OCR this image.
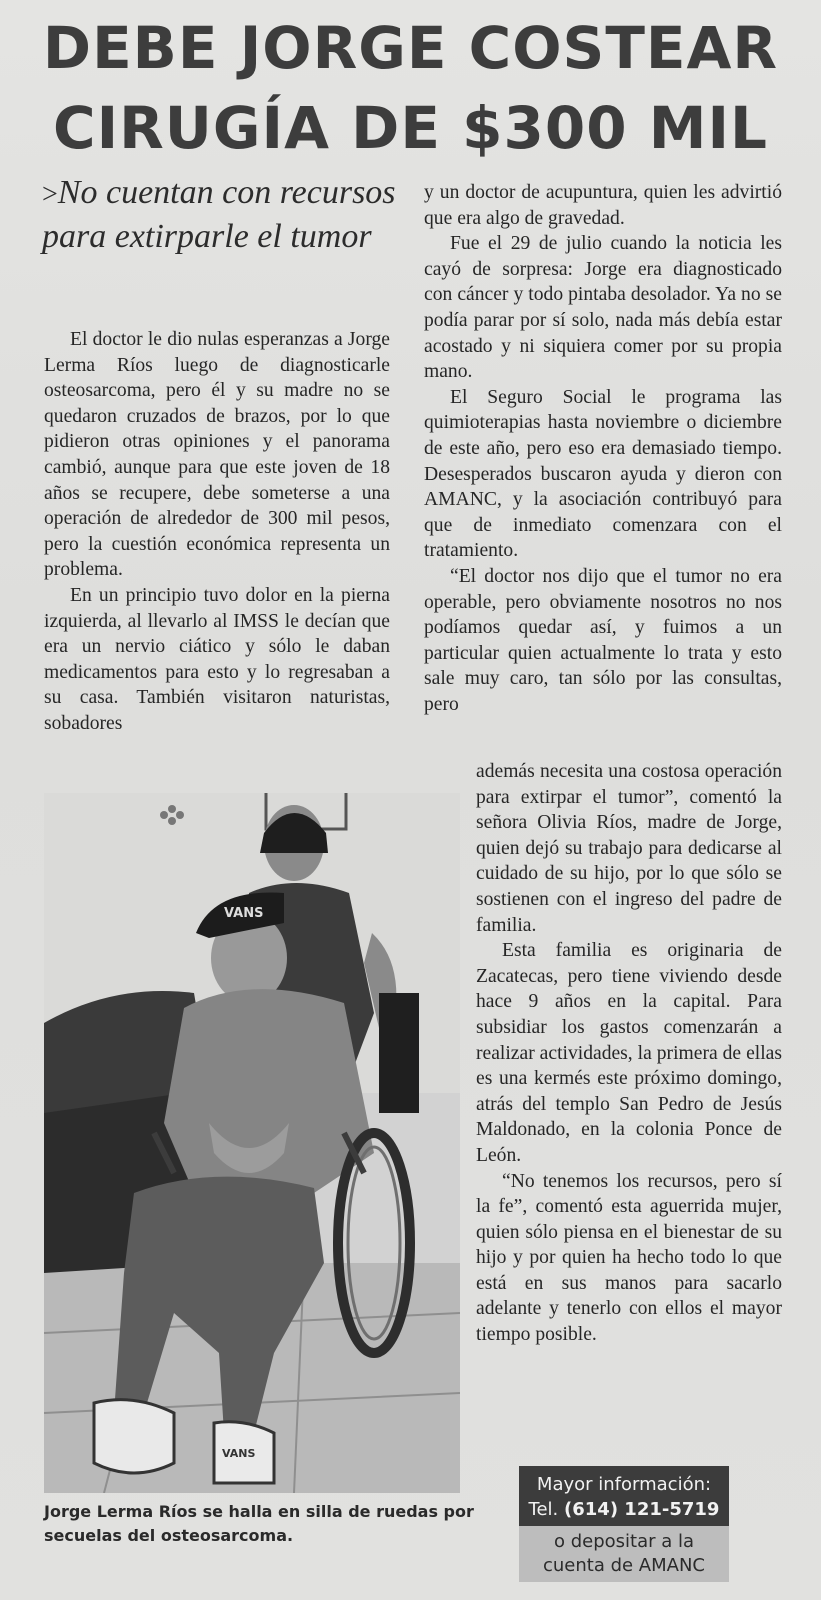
DEBE JORGE COSTEAR
CIRUGÍA DE $300 MIL
>No cuentan con recursos para extirparle el tumor

El doctor le dio nulas esperanzas a Jorge Lerma Ríos luego de diagnosticarle osteosarcoma, pero él y su madre no se quedaron cruzados de brazos, por lo que pidieron otras opiniones y el panorama cambió, aunque para que este joven de 18 años se recupere, debe someterse a una operación de alrededor de 300 mil pesos, pero la cuestión económica representa un problema.

En un principio tuvo dolor en la pierna izquierda, al llevarlo al IMSS le decían que era un nervio ciático y sólo le daban medicamentos para esto y lo regresaban a su casa. También visitaron naturistas, sobadores

y un doctor de acupuntura, quien les advirtió que era algo de gravedad.

Fue el 29 de julio cuando la noticia les cayó de sorpresa: Jorge era diagnosticado con cáncer y todo pintaba desolador. Ya no se podía parar por sí solo, nada más debía estar acostado y ni siquiera comer por su propia mano.

El Seguro Social le programa las quimioterapias hasta noviembre o diciembre de este año, pero eso era demasiado tiempo. Desesperados buscaron ayuda y dieron con AMANC, y la asociación contribuyó para que de inmediato comenzara con el tratamiento.

“El doctor nos dijo que el tumor no era operable, pero obviamente nosotros no nos podíamos quedar así, y fuimos a un particular quien actualmente lo trata y esto sale muy caro, tan sólo por las consultas, pero

además necesita una costosa operación para extirpar el tumor”, comentó la señora Olivia Ríos, madre de Jorge, quien dejó su trabajo para dedicarse al cuidado de su hijo, por lo que sólo se sostienen con el ingreso del padre de familia.

Esta familia es originaria de Zacatecas, pero tiene viviendo desde hace 9 años en la capital. Para subsidiar los gastos comenzarán a realizar actividades, la primera de ellas es una kermés este próximo domingo, atrás del templo San Pedro de Jesús Maldonado, en la colonia Ponce de León.

“No tenemos los recursos, pero sí la fe”, comentó esta aguerrida mujer, quien sólo piensa en el bienestar de su hijo y por quien ha hecho todo lo que está en sus manos para sacarlo adelante y tenerlo con ellos el mayor tiempo posible.

VANS
VANS
Jorge Lerma Ríos se halla en silla de ruedas por secuelas del osteosarcoma.
Mayor información:
Tel. (614) 121-5719
o depositar a la
cuenta de AMANC
